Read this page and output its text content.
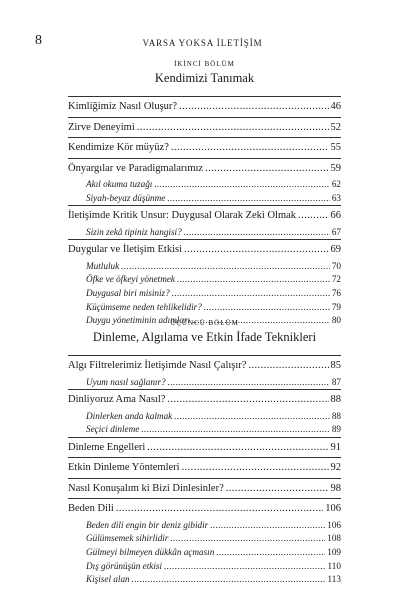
8	VARSA YOKSA İLETİŞİM
İKİNCİ BÖLÜM
Kendimizi Tanımak
Kimliğimiz Nasıl Oluşur? .....	46
Zirve Deneyimi .....	52
Kendimize Kör müyüz? .....	55
Önyargılar ve Paradigmalarımız .....	59
Akıl okuma tuzağı .....	62
Siyah-beyaz düşünme .....	63
İletişimde Kritik Unsur: Duygusal Olarak Zeki Olmak .....	66
Sizin zekâ tipiniz hangisi? .....	67
Duygular ve İletişim Etkisi .....	69
Mutluluk .....	70
Öfke ve öfkeyi yönetmek .....	72
Duygusal biri misiniz? .....	76
Küçümseme neden tehlikelidir? .....	79
Duygu yönetiminin adımları .....	80
ÜÇÜNCÜ BÖLÜM
Dinleme, Algılama ve Etkin İfade Teknikleri
Algı Filtrelerimiz İletişimde Nasıl Çalışır? .....	85
Uyum nasıl sağlanır? .....	87
Dinliyoruz Ama Nasıl? .....	88
Dinlerken anda kalmak .....	88
Seçici dinleme .....	89
Dinleme Engelleri .....	91
Etkin Dinleme Yöntemleri .....	92
Nasıl Konuşalım ki Bizi Dinlesinler? .....	98
Beden Dili .....	106
Beden dili engin bir deniz gibidir .....	106
Gülümsemek sihirlidir .....	108
Gülmeyi bilmeyen dükkân açmasın .....	109
Dış görünüşün etkisi .....	110
Kişisel alan .....	113
